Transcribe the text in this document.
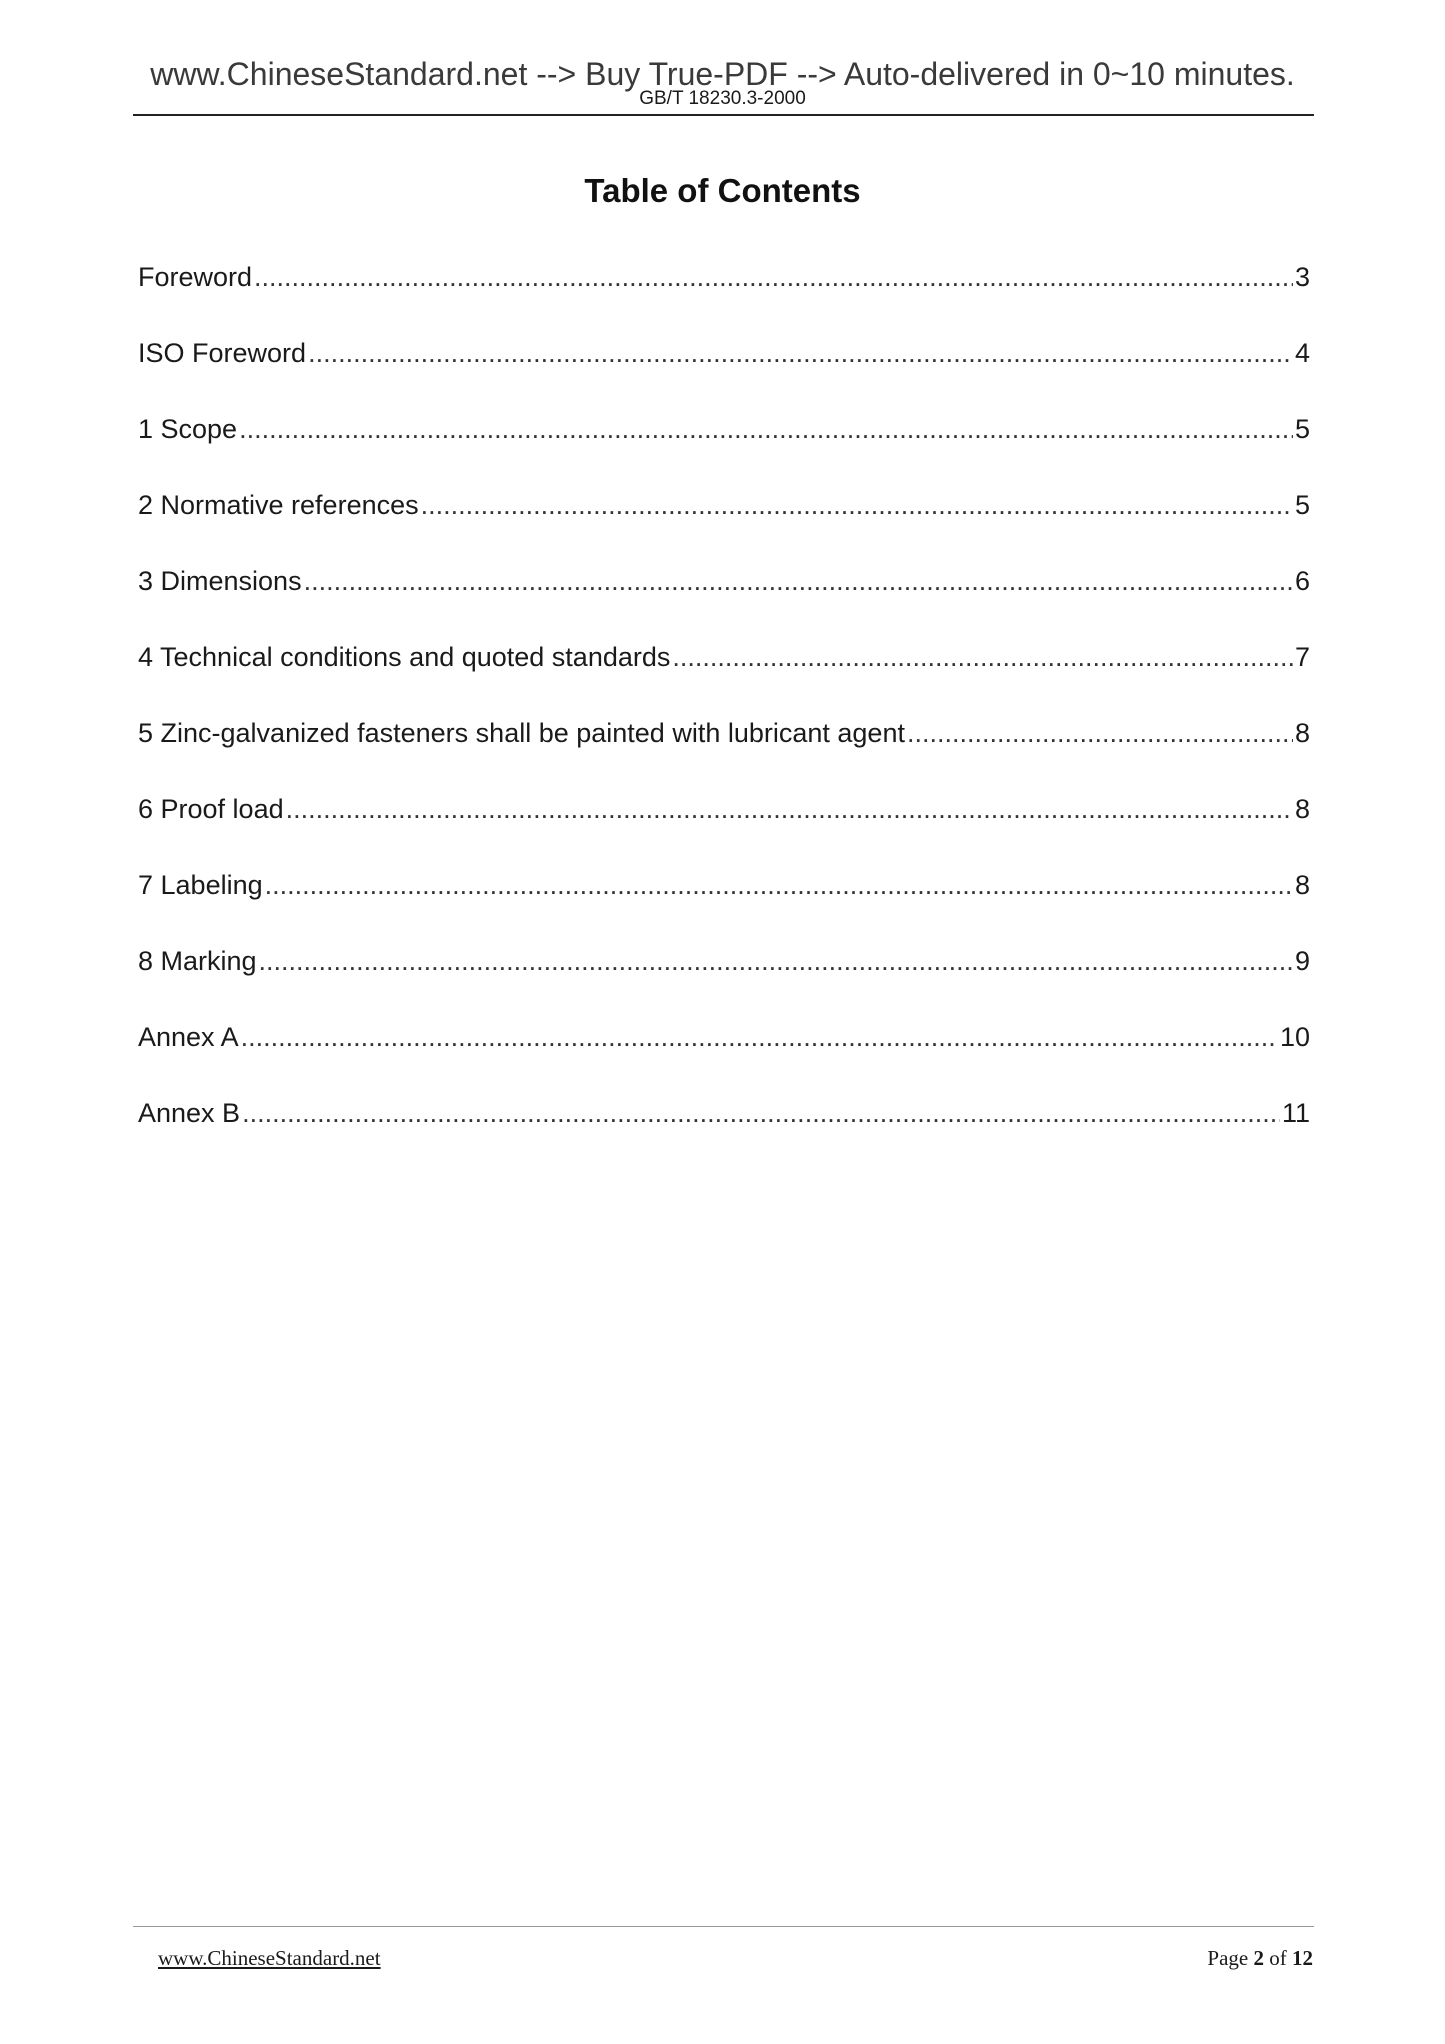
www.ChineseStandard.net --> Buy True-PDF --> Auto-delivered in 0~10 minutes.
GB/T 18230.3-2000
Table of Contents
Foreword .....	3
ISO Foreword .....	4
1 Scope .....	5
2 Normative references .....	5
3 Dimensions .....	6
4 Technical conditions and quoted standards .....	7
5 Zinc-galvanized fasteners shall be painted with lubricant agent .....	8
6 Proof load .....	8
7 Labeling .....	8
8 Marking .....	9
Annex A .....	10
Annex B .....	11
www.ChineseStandard.net	Page 2 of 12
